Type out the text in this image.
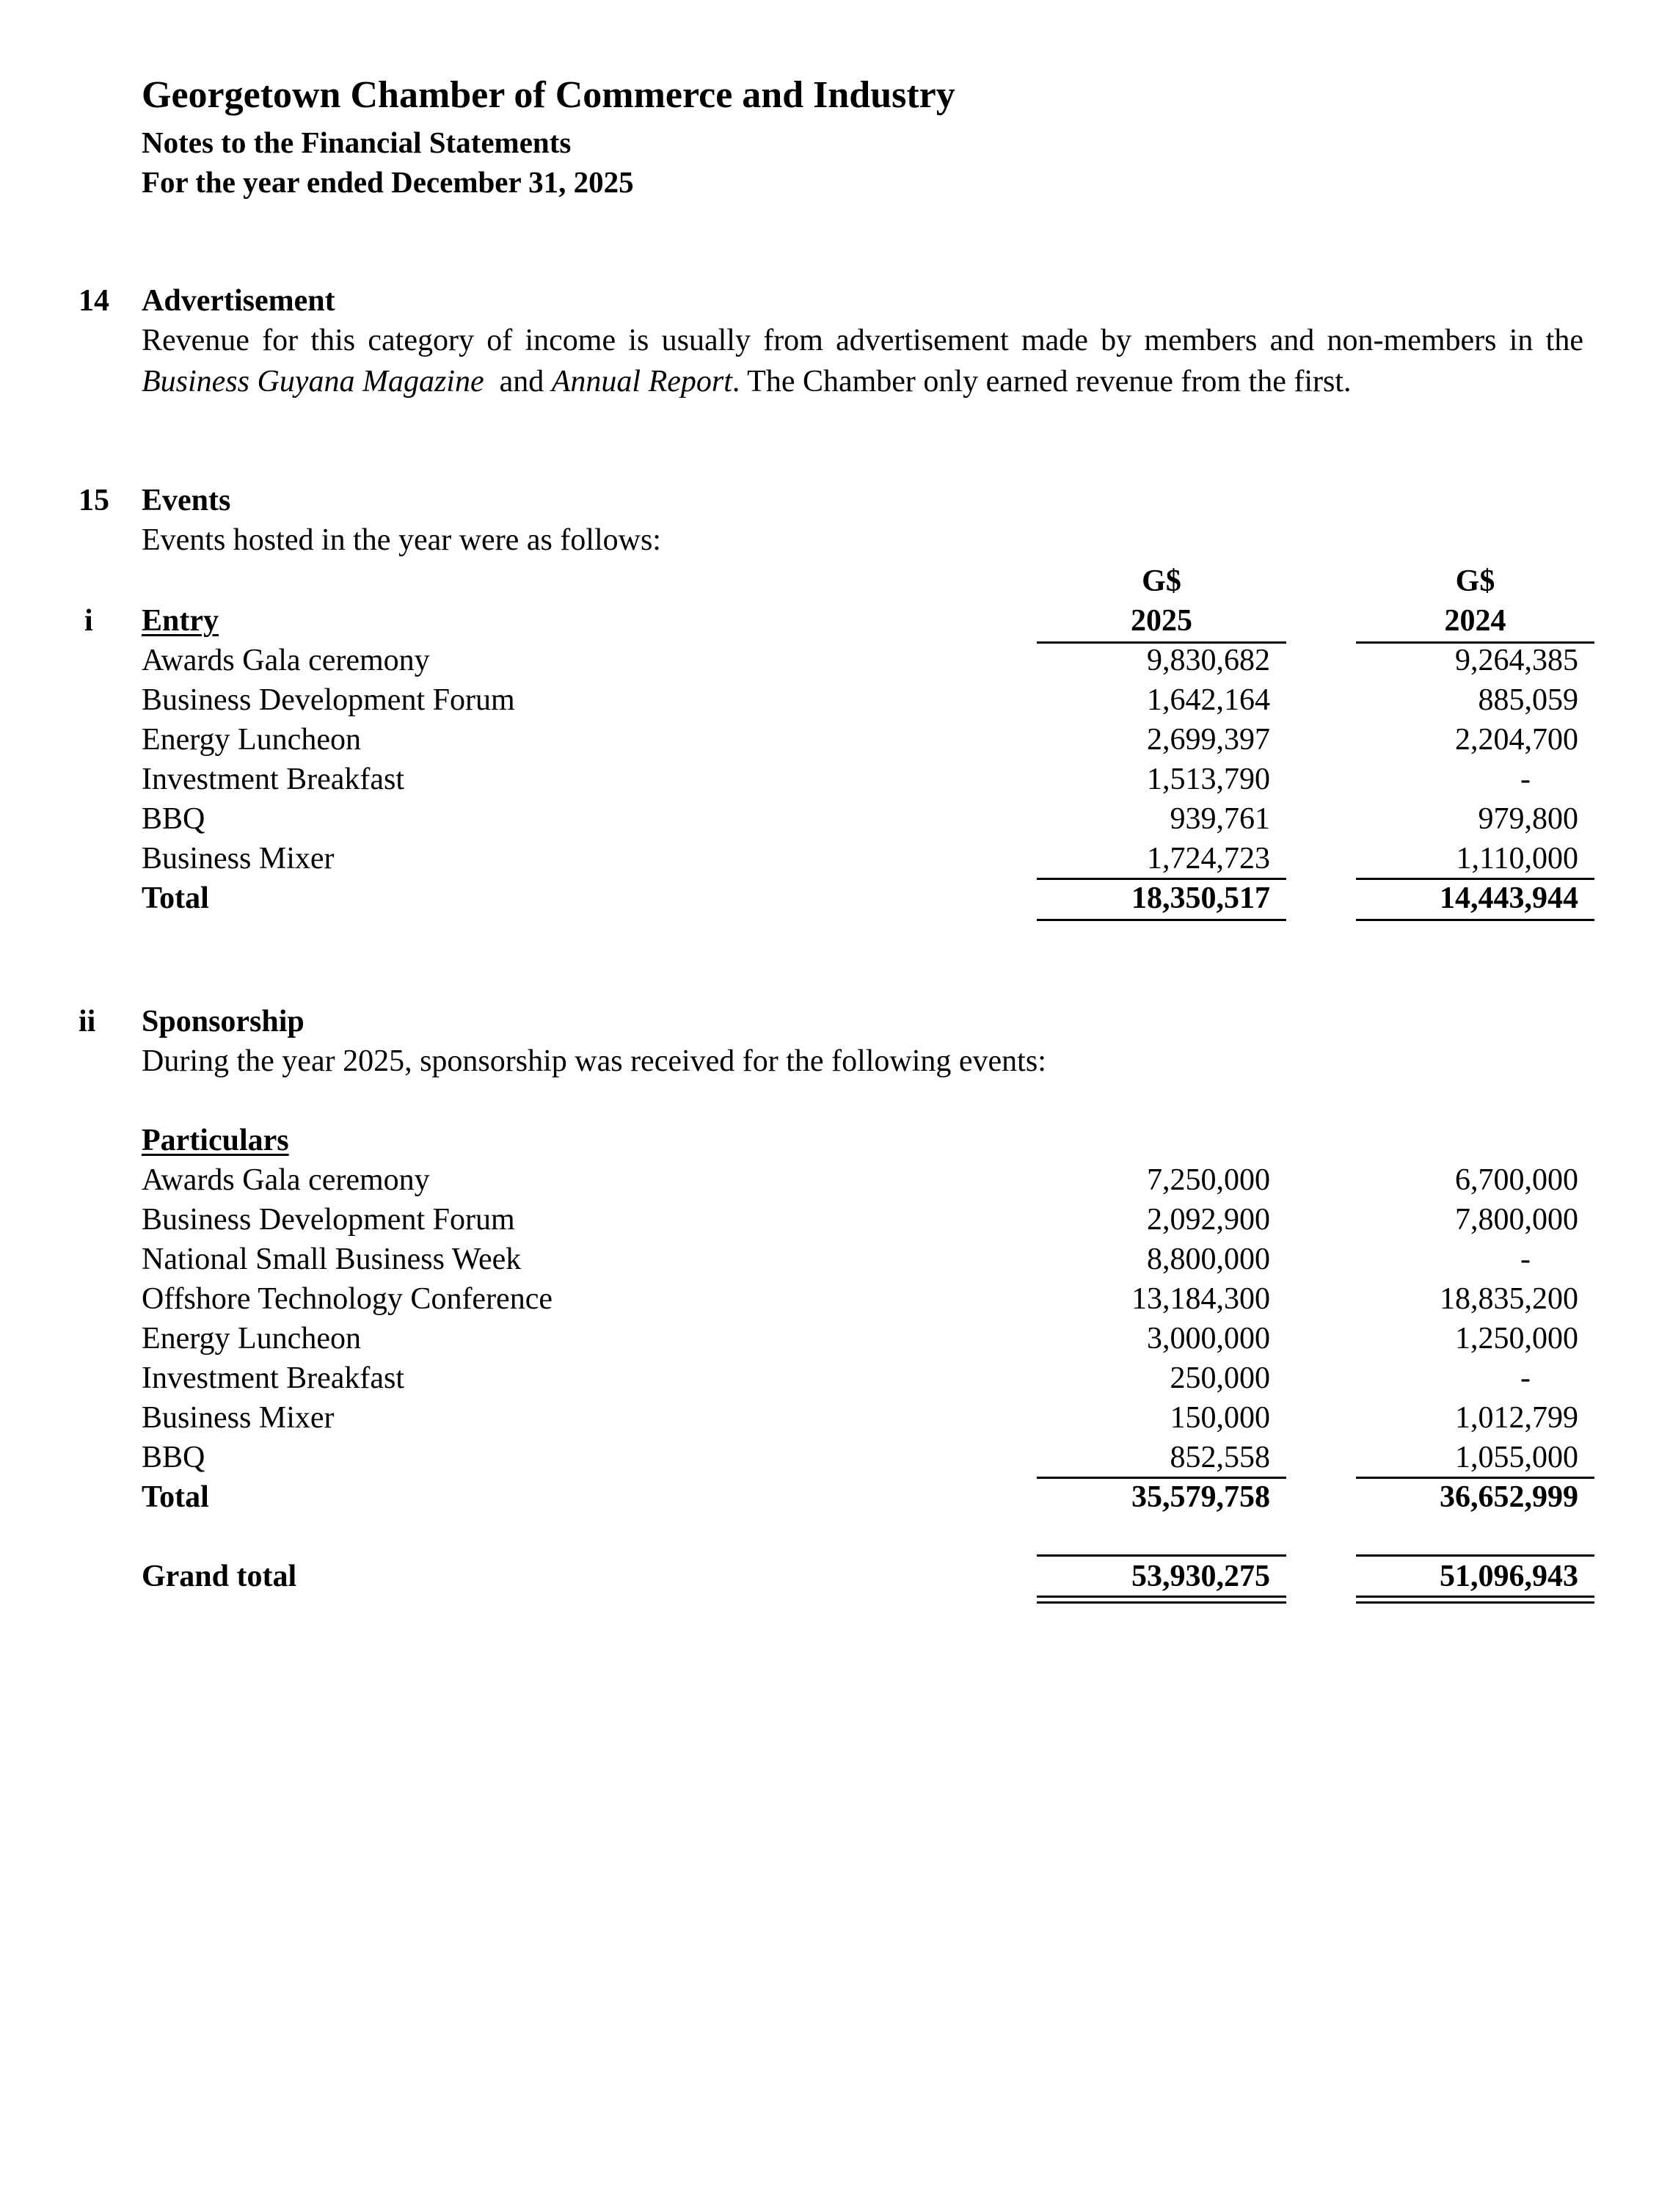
Georgetown Chamber of Commerce and Industry
Notes to the Financial Statements
For the year ended December 31, 2025
14 Advertisement
Revenue for this category of income is usually from advertisement made by members and non-members in the
Business Guyana Magazine and Annual Report. The Chamber only earned revenue from the first.
15 Events
Events hosted in the year were as follows:
G$	G$
2025	2024
i Entry
Awards Gala ceremony	9,830,682	9,264,385
Business Development Forum	1,642,164	885,059
Energy Luncheon	2,699,397	2,204,700
Investment Breakfast	1,513,790	-
BBQ	939,761	979,800
Business Mixer	1,724,723	1,110,000
Total	18,350,517	14,443,944
ii Sponsorship
During the year 2025, sponsorship was received for the following events:
Particulars
Awards Gala ceremony	7,250,000	6,700,000
Business Development Forum	2,092,900	7,800,000
National Small Business Week	8,800,000	-
Offshore Technology Conference	13,184,300	18,835,200
Energy Luncheon	3,000,000	1,250,000
Investment Breakfast	250,000	-
Business Mixer	150,000	1,012,799
BBQ	852,558	1,055,000
Total	35,579,758	36,652,999
Grand total	53,930,275	51,096,943
